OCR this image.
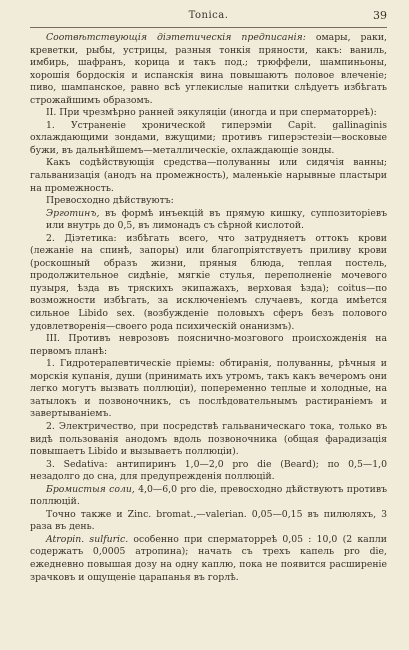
Tonica.	39

Соотвѣтствующія діэтетическія предписанія: омары, раки, креветки, рыбы, устрицы, разныя тонкія пряности, какъ: ваниль, имбирь, шафранъ, корица и такъ под.; трюффели, шампиньоны, хорошія бордоскія и испанскія вина повышаютъ половое влеченіе; пиво, шампанское, равно всѣ углекислые напитки слѣдуетъ избѣгать строжайшимъ образомъ.

II. При чрезмѣрно ранней эякуляціи (иногда и при сперматорреѣ):

1. Устраненіе хронической гиперэміи Capit. gallinaginis охлаждающими зондами, вжущими; противъ гиперэстезіи—восковые бужи, въ дальнѣйшемъ—металлическіе, охлаждающіе зонды.

Какъ содѣйствующія средства—полуванны или сидячія ванны; гальванизація (анодъ на промежность), маленькіе нарывные пластыри на промежность.

Превосходно дѣйствуютъ:

Эрготинъ, въ формѣ инъекцій въ прямую кишку, суппозиторіевъ или внутрь до 0,5, въ лимонадъ съ сѣрной кислотой.

2. Діэтетика: избѣгать всего, что затрудняетъ оттокъ крови (лежаніе на спинѣ, запоры) или благопріятствуетъ приливу крови (роскошный образъ жизни, пряныя блюда, теплая постель, продолжительное сидѣніе, мягкіе стулья, переполненіе мочевого пузыря, ѣзда въ тряскихъ экипажахъ, верховая ѣзда); coitus—по возможности избѣгать, за исключеніемъ случаевъ, когда имѣется сильное Libido sex. (возбужденіе половыхъ сферъ безъ полового удовлетворенія—своего рода психическій онанизмъ).

III. Противъ неврозовъ поясничнo-мозгового происхожденія на первомъ планѣ:

1. Гидротерапевтическіе пріемы: обтиранія, полуванны, рѣчныя и морскія купанія, души (принимать ихъ утромъ, такъ какъ вечеромъ они легко могутъ вызвать поллюціи), попеременно теплые и холодные, на затылокъ и позвоночникъ, съ послѣдовательнымъ растираніемъ и завертываніемъ.

2. Электричество, при посредствѣ гальваническаго тока, только въ видѣ пользованія анодомъ вдоль позвоночника (общая фарадизація повышаетъ Libido и вызываетъ поллюціи).

3. Sedativa: антипиринъ 1,0—2,0 pro die (Beard); по 0,5—1,0 незадолго до сна, для предупрежденія поллюцій.

Бромистыя соли, 4,0—6,0 pro die, превосходно дѣйствуютъ противъ поллюцій.

Точно также и Zinc. bromat.,—valerian. 0,05—0,15 въ пилюляхъ, 3 раза въ день.

Atropin. sulfuric. особенно при сперматорреѣ 0,05 : 10,0 (2 капли содержатъ 0,0005 атропина); начать съ трехъ капель pro die, ежедневно повышая дозу на одну каплю, пока не появится расширеніе зрачковъ и ощущеніе царапанья въ горлѣ.
